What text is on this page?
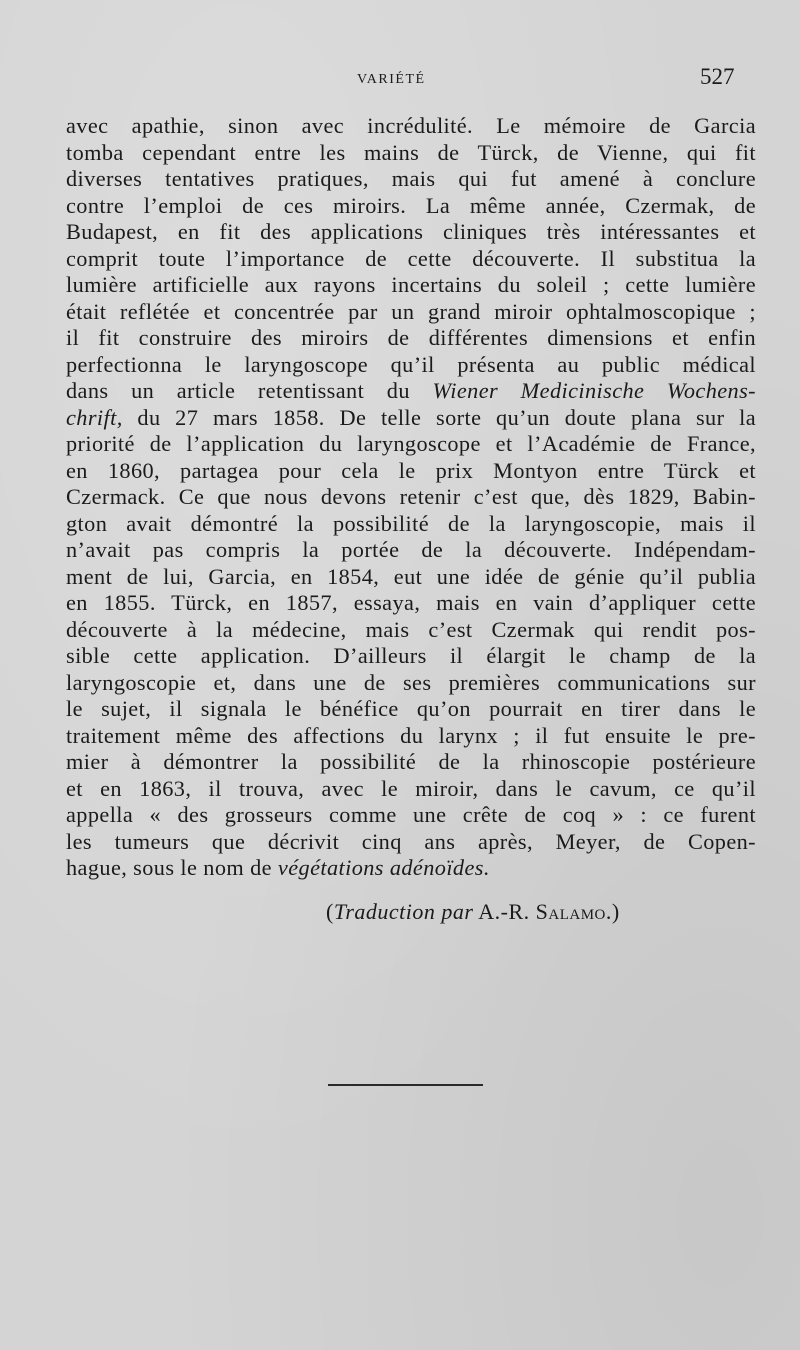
VARIÉTÉ	527
avec apathie, sinon avec incrédulité. Le mémoire de Garcia
tomba cependant entre les mains de Türck, de Vienne, qui fit
diverses tentatives pratiques, mais qui fut amené à conclure
contre l’emploi de ces miroirs. La même année, Czermak, de
Budapest, en fit des applications cliniques très intéressantes et
comprit toute l’importance de cette découverte. Il substitua la
lumière artificielle aux rayons incertains du soleil ; cette lumière
était reflétée et concentrée par un grand miroir ophtalmoscopique ;
il fit construire des miroirs de différentes dimensions et enfin
perfectionna le laryngoscope qu’il présenta au public médical
dans un article retentissant du Wiener Medicinische Wochens-
chrift, du 27 mars 1858. De telle sorte qu’un doute plana sur la
priorité de l’application du laryngoscope et l’Académie de France,
en 1860, partagea pour cela le prix Montyon entre Türck et
Czermack. Ce que nous devons retenir c’est que, dès 1829, Babin-
gton avait démontré la possibilité de la laryngoscopie, mais il
n’avait pas compris la portée de la découverte. Indépendam-
ment de lui, Garcia, en 1854, eut une idée de génie qu’il publia
en 1855. Türck, en 1857, essaya, mais en vain d’appliquer cette
découverte à la médecine, mais c’est Czermak qui rendit pos-
sible cette application. D’ailleurs il élargit le champ de la
laryngoscopie et, dans une de ses premières communications sur
le sujet, il signala le bénéfice qu’on pourrait en tirer dans le
traitement même des affections du larynx ; il fut ensuite le pre-
mier à démontrer la possibilité de la rhinoscopie postérieure
et en 1863, il trouva, avec le miroir, dans le cavum, ce qu’il
appella « des grosseurs comme une crête de coq » : ce furent
les tumeurs que décrivit cinq ans après, Meyer, de Copen-
hague, sous le nom de végétations adénoïdes.
(Traduction par A.-R. Salamo.)
